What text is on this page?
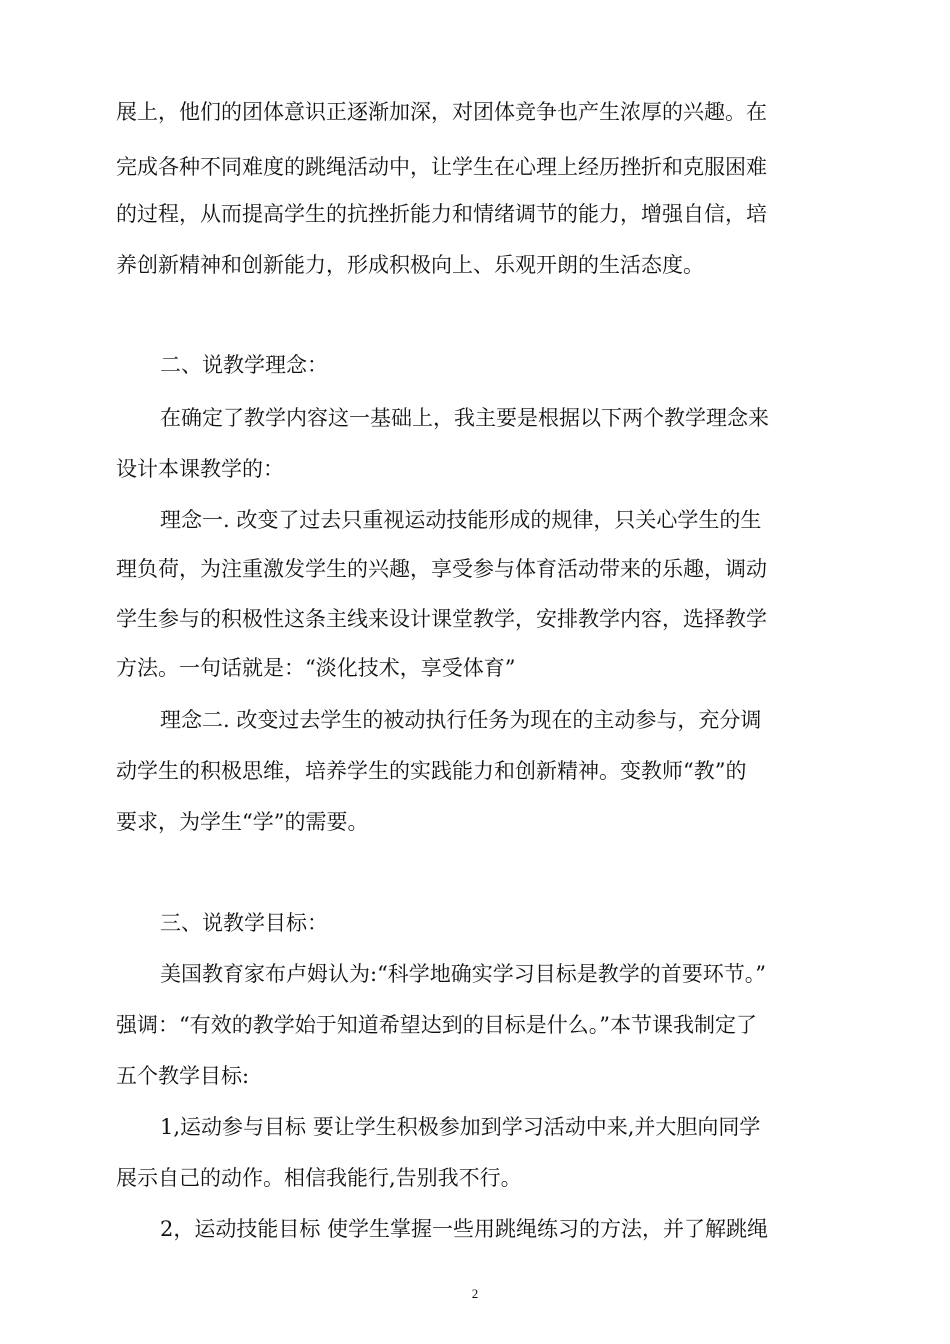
展上，他们的团体意识正逐渐加深，对团体竞争也产生浓厚的兴趣。在
完成各种不同难度的跳绳活动中，让学生在心理上经历挫折和克服困难
的过程，从而提高学生的抗挫折能力和情绪调节的能力，增强自信，培
养创新精神和创新能力，形成积极向上、乐观开朗的生活态度。
二、说教学理念：
在确定了教学内容这一基础上，我主要是根据以下两个教学理念来
设计本课教学的：
理念一. 改变了过去只重视运动技能形成的规律，只关心学生的生
理负荷，为注重激发学生的兴趣，享受参与体育活动带来的乐趣，调动
学生参与的积极性这条主线来设计课堂教学，安排教学内容，选择教学
方法。一句话就是：“淡化技术，享受体育”
理念二. 改变过去学生的被动执行任务为现在的主动参与，充分调
动学生的积极思维，培养学生的实践能力和创新精神。变教师“教”的
要求，为学生“学”的需要。
三、说教学目标：
美国教育家布卢姆认为:“科学地确实学习目标是教学的首要环节。”
强调：“有效的教学始于知道希望达到的目标是什么。”本节课我制定了
五个教学目标:
1,运动参与目标 要让学生积极参加到学习活动中来,并大胆向同学
展示自己的动作。相信我能行,告别我不行。
2，运动技能目标 使学生掌握一些用跳绳练习的方法，并了解跳绳
2
